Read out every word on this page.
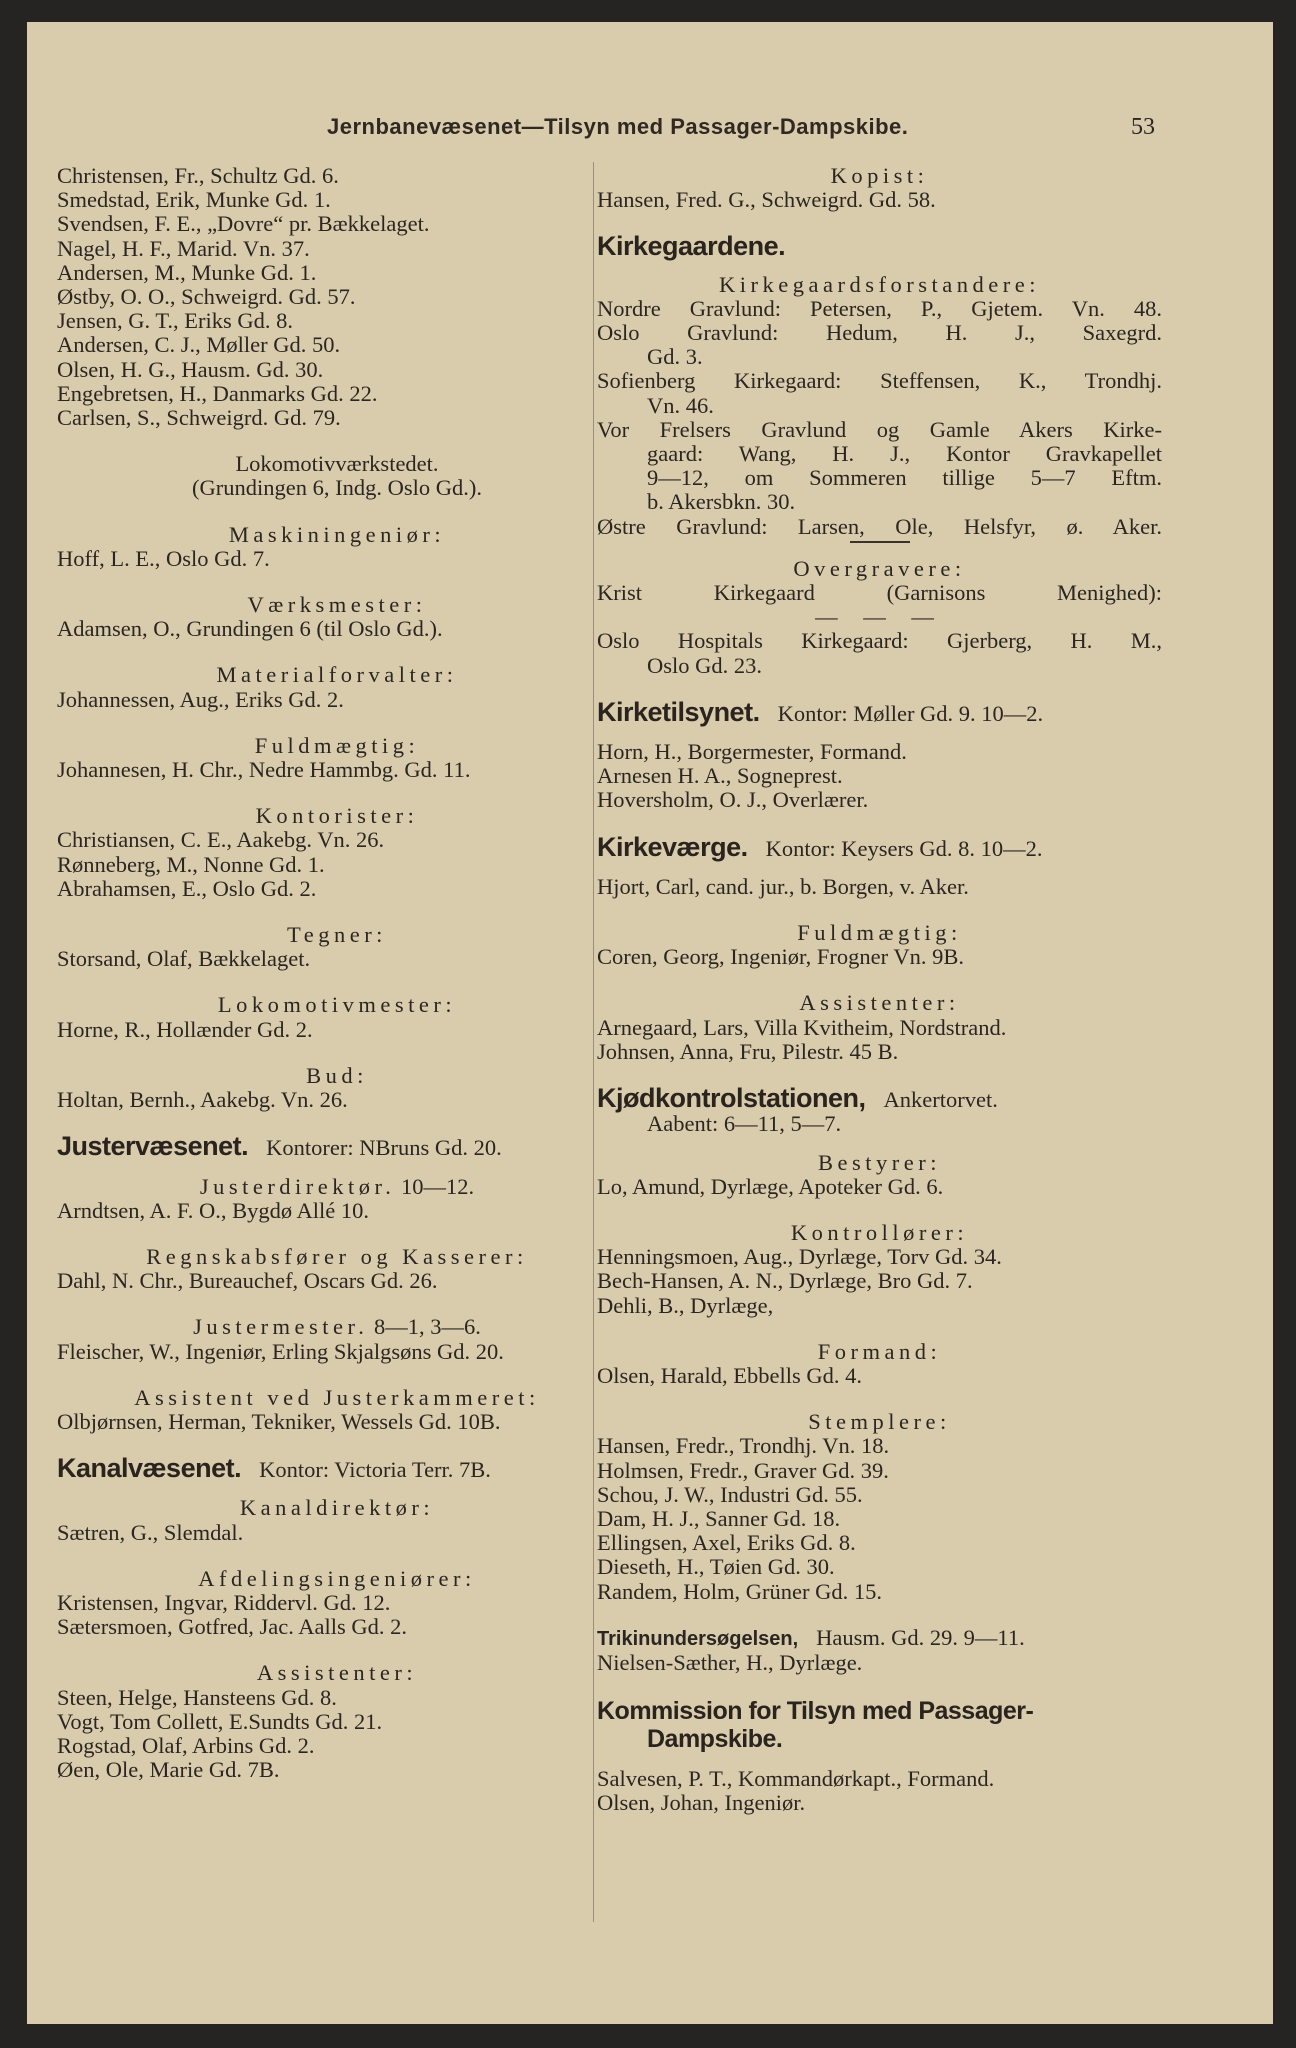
Jernbanevæsenet—Tilsyn med Passager-Dampskibe.	53
Christensen, Fr., Schultz Gd. 6.
Smedstad, Erik, Munke Gd. 1.
Svendsen, F. E., „Dovre“ pr. Bækkelaget.
Nagel, H. F., Marid. Vn. 37.
Andersen, M., Munke Gd. 1.
Østby, O. O., Schweigrd. Gd. 57.
Jensen, G. T., Eriks Gd. 8.
Andersen, C. J., Møller Gd. 50.
Olsen, H. G., Hausm. Gd. 30.
Engebretsen, H., Danmarks Gd. 22.
Carlsen, S., Schweigrd. Gd. 79.
Lokomotivværkstedet.
(Grundingen 6, Indg. Oslo Gd.).
Maskiningeniør:
Hoff, L. E., Oslo Gd. 7.
Værksmester:
Adamsen, O., Grundingen 6 (til Oslo Gd.).
Materialforvalter:
Johannessen, Aug., Eriks Gd. 2.
Fuldmægtig:
Johannesen, H. Chr., Nedre Hammbg. Gd. 11.
Kontorister:
Christiansen, C. E., Aakebg. Vn. 26.
Rønneberg, M., Nonne Gd. 1.
Abrahamsen, E., Oslo Gd. 2.
Tegner:
Storsand, Olaf, Bækkelaget.
Lokomotivmester:
Horne, R., Hollænder Gd. 2.
Bud:
Holtan, Bernh., Aakebg. Vn. 26.
Justervæsenet. Kontorer: NBruns Gd. 20.
Justerdirektør. 10—12.
Arndtsen, A. F. O., Bygdø Allé 10.
Regnskabsfører og Kasserer:
Dahl, N. Chr., Bureauchef, Oscars Gd. 26.
Justermester. 8—1, 3—6.
Fleischer, W., Ingeniør, Erling Skjalgsøns Gd. 20.
Assistent ved Justerkammeret:
Olbjørnsen, Herman, Tekniker, Wessels Gd. 10B.
Kanalvæsenet. Kontor: Victoria Terr. 7B.
Kanaldirektør:
Sætren, G., Slemdal.
Afdelingsingeniører:
Kristensen, Ingvar, Riddervl. Gd. 12.
Sætersmoen, Gotfred, Jac. Aalls Gd. 2.
Assistenter:
Steen, Helge, Hansteens Gd. 8.
Vogt, Tom Collett, E.Sundts Gd. 21.
Rogstad, Olaf, Arbins Gd. 2.
Øen, Ole, Marie Gd. 7B.
Kopist:
Hansen, Fred. G., Schweigrd. Gd. 58.
Kirkegaardene.
Kirkegaardsforstandere:
Nordre Gravlund: Petersen, P., Gjetem. Vn. 48.
Oslo Gravlund: Hedum, H. J., Saxegrd.
Gd. 3.
Sofienberg Kirkegaard: Steffensen, K., Trondhj.
Vn. 46.
Vor Frelsers Gravlund og Gamle Akers Kirke-
gaard: Wang, H. J., Kontor Gravkapellet
9—12, om Sommeren tillige 5—7 Eftm.
b. Akersbkn. 30.
Østre Gravlund: Larsen, Ole, Helsfyr, ø. Aker.
Overgravere:
Krist Kirkegaard (Garnisons Menighed):
— — —
Oslo Hospitals Kirkegaard: Gjerberg, H. M.,
Oslo Gd. 23.
Kirketilsynet. Kontor: Møller Gd. 9. 10—2.
Horn, H., Borgermester, Formand.
Arnesen H. A., Sogneprest.
Hoversholm, O. J., Overlærer.
Kirkeværge. Kontor: Keysers Gd. 8. 10—2.
Hjort, Carl, cand. jur., b. Borgen, v. Aker.
Fuldmægtig:
Coren, Georg, Ingeniør, Frogner Vn. 9B.
Assistenter:
Arnegaard, Lars, Villa Kvitheim, Nordstrand.
Johnsen, Anna, Fru, Pilestr. 45 B.
Kjødkontrolstationen, Ankertorvet.
Aabent: 6—11, 5—7.
Bestyrer:
Lo, Amund, Dyrlæge, Apoteker Gd. 6.
Kontrollører:
Henningsmoen, Aug., Dyrlæge, Torv Gd. 34.
Bech-Hansen, A. N., Dyrlæge, Bro Gd. 7.
Dehli, B., Dyrlæge,
Formand:
Olsen, Harald, Ebbells Gd. 4.
Stemplere:
Hansen, Fredr., Trondhj. Vn. 18.
Holmsen, Fredr., Graver Gd. 39.
Schou, J. W., Industri Gd. 55.
Dam, H. J., Sanner Gd. 18.
Ellingsen, Axel, Eriks Gd. 8.
Dieseth, H., Tøien Gd. 30.
Randem, Holm, Grüner Gd. 15.
Trikinundersøgelsen, Hausm. Gd. 29. 9—11.
Nielsen-Sæther, H., Dyrlæge.
Kommission for Tilsyn med Passager-
Dampskibe.
Salvesen, P. T., Kommandørkapt., Formand.
Olsen, Johan, Ingeniør.
